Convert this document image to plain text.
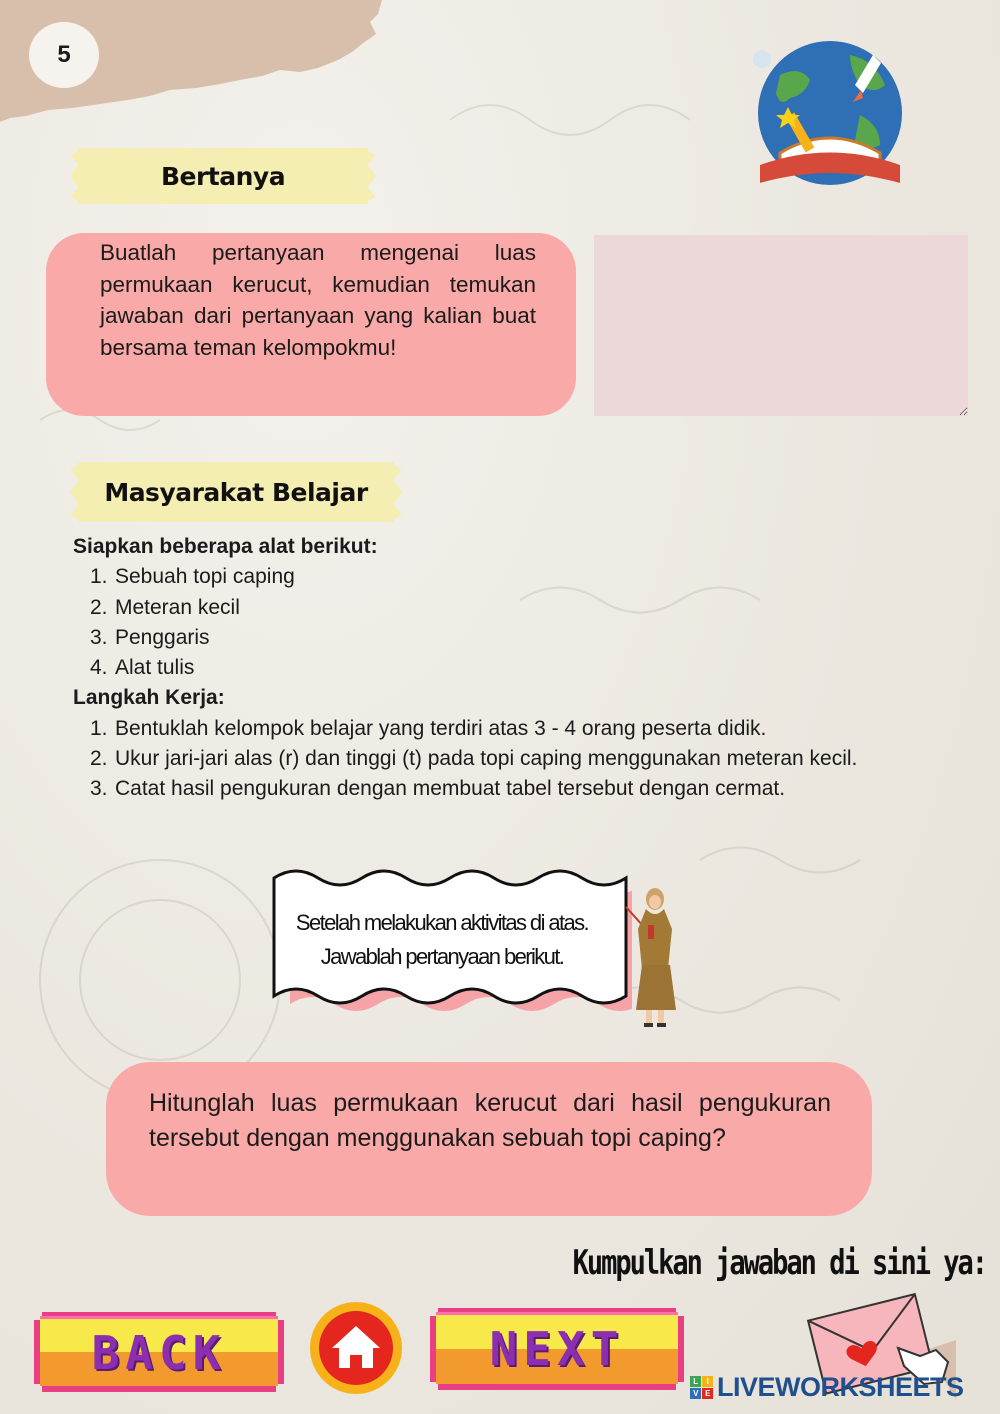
5
Bertanya

Buatlah pertanyaan mengenai luas permukaan kerucut, kemudian temukan jawaban dari pertanyaan yang kalian buat bersama teman kelompokmu!

Masyarakat Belajar
Siapkan beberapa alat berikut:
1. Sebuah topi caping
2. Meteran kecil
3. Penggaris
4. Alat tulis
Langkah Kerja:
1. Bentuklah kelompok belajar yang terdiri atas 3 - 4 orang peserta didik.
2. Ukur jari-jari alas (r) dan tinggi (t) pada topi caping menggunakan meteran kecil.
3. Catat hasil pengukuran dengan membuat tabel tersebut dengan cermat.
Setelah melakukan aktivitas di atas.
Jawablah pertanyaan berikut.

Hitunglah luas permukaan kerucut dari hasil pengukuran tersebut dengan menggunakan sebuah topi caping?

Kumpulkan jawaban di sini ya:
BACK	NEXT
L	I
V E LIVEWORKSHEETS
